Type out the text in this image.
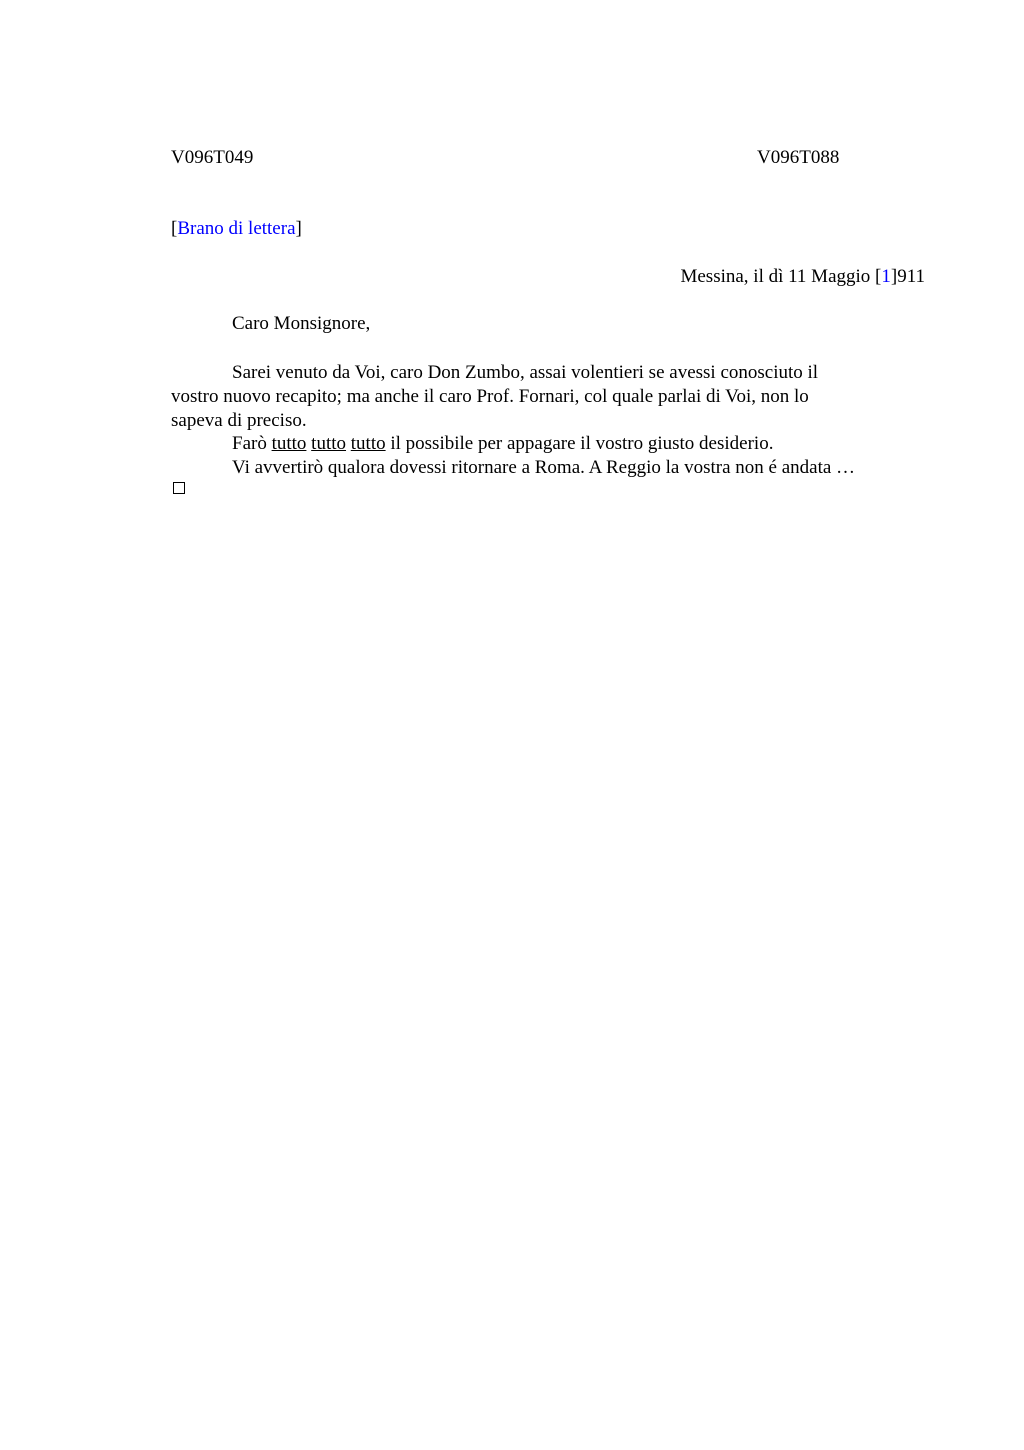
V096T049	V096T088
[Brano di lettera]
Messina, il dì 11 Maggio [1]911
Caro Monsignore,
Sarei venuto da Voi, caro Don Zumbo, assai volentieri se avessi conosciuto il
vostro nuovo recapito; ma anche il caro Prof. Fornari, col quale parlai di Voi, non lo
sapeva di preciso.
Farò tutto tutto tutto il possibile per appagare il vostro giusto desiderio.
Vi avvertirò qualora dovessi ritornare a Roma. A Reggio la vostra non é andata …
